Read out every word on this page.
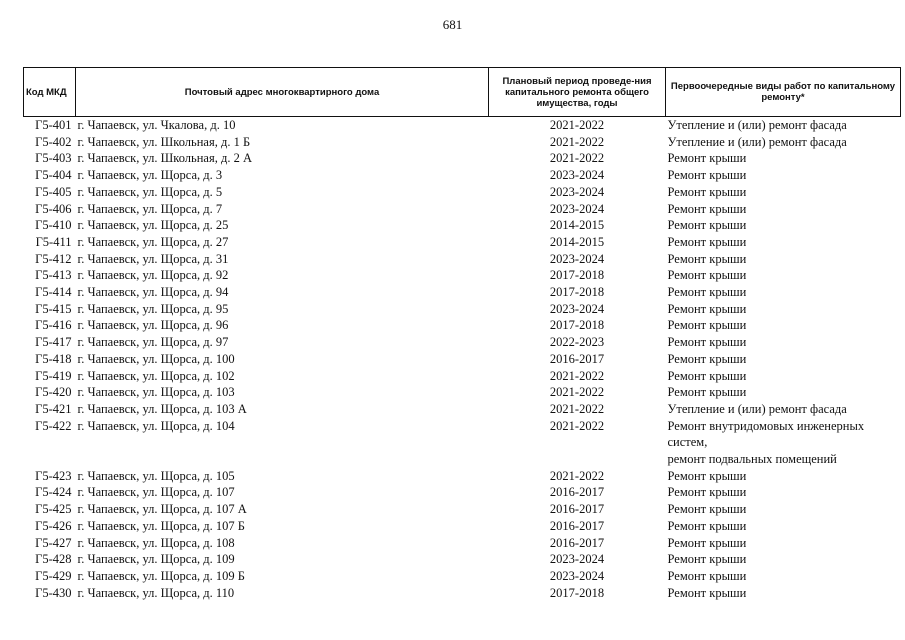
681
Код МКД	Почтовый адрес многоквартирного дома	Плановый период проведе-ния капитального ремонта общего имущества, годы	Первоочередные виды работ по капитальному ремонту*
Г5-401	г. Чапаевск, ул. Чкалова, д. 10	2021-2022	Утепление и (или) ремонт фасада

Г5-402	г. Чапаевск, ул. Школьная, д. 1 Б	2021-2022	Утепление и (или) ремонт фасада

Г5-403	г. Чапаевск, ул. Школьная, д. 2 А	2021-2022	Ремонт крыши

Г5-404	г. Чапаевск, ул. Щорса, д. 3	2023-2024	Ремонт крыши

Г5-405	г. Чапаевск, ул. Щорса, д. 5	2023-2024	Ремонт крыши

Г5-406	г. Чапаевск, ул. Щорса, д. 7	2023-2024	Ремонт крыши

Г5-410	г. Чапаевск, ул. Щорса, д. 25	2014-2015	Ремонт крыши

Г5-411	г. Чапаевск, ул. Щорса, д. 27	2014-2015	Ремонт крыши

Г5-412	г. Чапаевск, ул. Щорса, д. 31	2023-2024	Ремонт крыши

Г5-413	г. Чапаевск, ул. Щорса, д. 92	2017-2018	Ремонт крыши

Г5-414	г. Чапаевск, ул. Щорса, д. 94	2017-2018	Ремонт крыши

Г5-415	г. Чапаевск, ул. Щорса, д. 95	2023-2024	Ремонт крыши

Г5-416	г. Чапаевск, ул. Щорса, д. 96	2017-2018	Ремонт крыши

Г5-417	г. Чапаевск, ул. Щорса, д. 97	2022-2023	Ремонт крыши

Г5-418	г. Чапаевск, ул. Щорса, д. 100	2016-2017	Ремонт крыши

Г5-419	г. Чапаевск, ул. Щорса, д. 102	2021-2022	Ремонт крыши

Г5-420	г. Чапаевск, ул. Щорса, д. 103	2021-2022	Ремонт крыши

Г5-421	г. Чапаевск, ул. Щорса, д. 103 А	2021-2022	Утепление и (или) ремонт фасада

Г5-422	г. Чапаевск, ул. Щорса, д. 104	2021-2022	Ремонт внутридомовых инженерных систем,
ремонт подвальных помещений

Г5-423	г. Чапаевск, ул. Щорса, д. 105	2021-2022	Ремонт крыши

Г5-424	г. Чапаевск, ул. Щорса, д. 107	2016-2017	Ремонт крыши

Г5-425	г. Чапаевск, ул. Щорса, д. 107 А	2016-2017	Ремонт крыши

Г5-426	г. Чапаевск, ул. Щорса, д. 107 Б	2016-2017	Ремонт крыши

Г5-427	г. Чапаевск, ул. Щорса, д. 108	2016-2017	Ремонт крыши

Г5-428	г. Чапаевск, ул. Щорса, д. 109	2023-2024	Ремонт крыши

Г5-429	г. Чапаевск, ул. Щорса, д. 109 Б	2023-2024	Ремонт крыши

Г5-430	г. Чапаевск, ул. Щорса, д. 110	2017-2018	Ремонт крыши
